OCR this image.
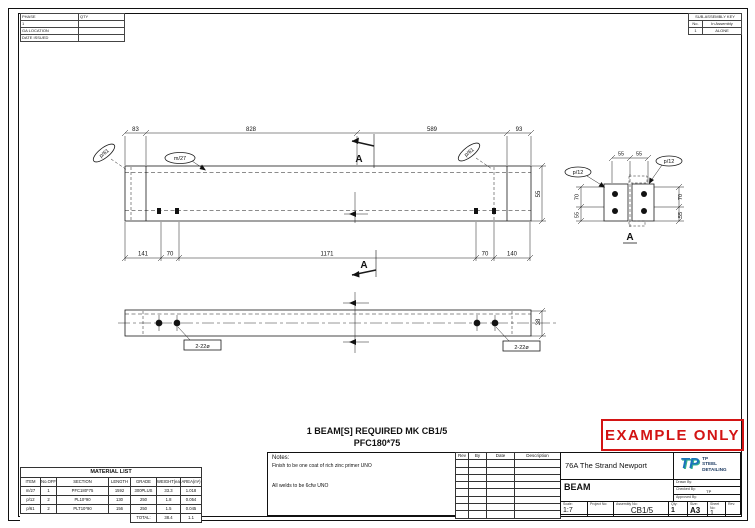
PHASE	QTY
1	
GA LOCATION	
DATE ISSUED	
SUB-ASSEMBLY KEY	
No.	In Assembly
1	ALONE
83	828	589	93
141	70	1171	70	140
55
m/27
p/61	p/61
A
A
2-22ø	2-22ø
38
55 55
70
55
70
55
p/12
p/12
A
1 BEAM[S] REQUIRED MK CB1/5
PFC180*75	EXAMPLE ONLY
MATERIAL LIST						
ITEM	No.OFF	SECTION	LENGTH	GRADE	WEIGHT(ea)	AREA(m²)
m/27	1	PFC180*75	1592	300PLUS	33.3	1.018
p/12	2	PL10*90	130	250	1.8	0.054
p/61	2	PLT10*90	156	250	1.5	0.045
				TOTAL:	38.4	1.1
Notes:
Finish to be one coat of rich zinc primer UNO
All welds to be 6cfw UNO
Rev	By	Date	Description

76A The Strand Newport	TP TP
STEEL
DETAILING
BEAM	Drawn By:
TP
Checked By:
Approved By:
Scale:
1:7
Project No:	Assembly No:
CB1/5
Qty:
1
Size:
A3
Sheet No:
1
Rev:
